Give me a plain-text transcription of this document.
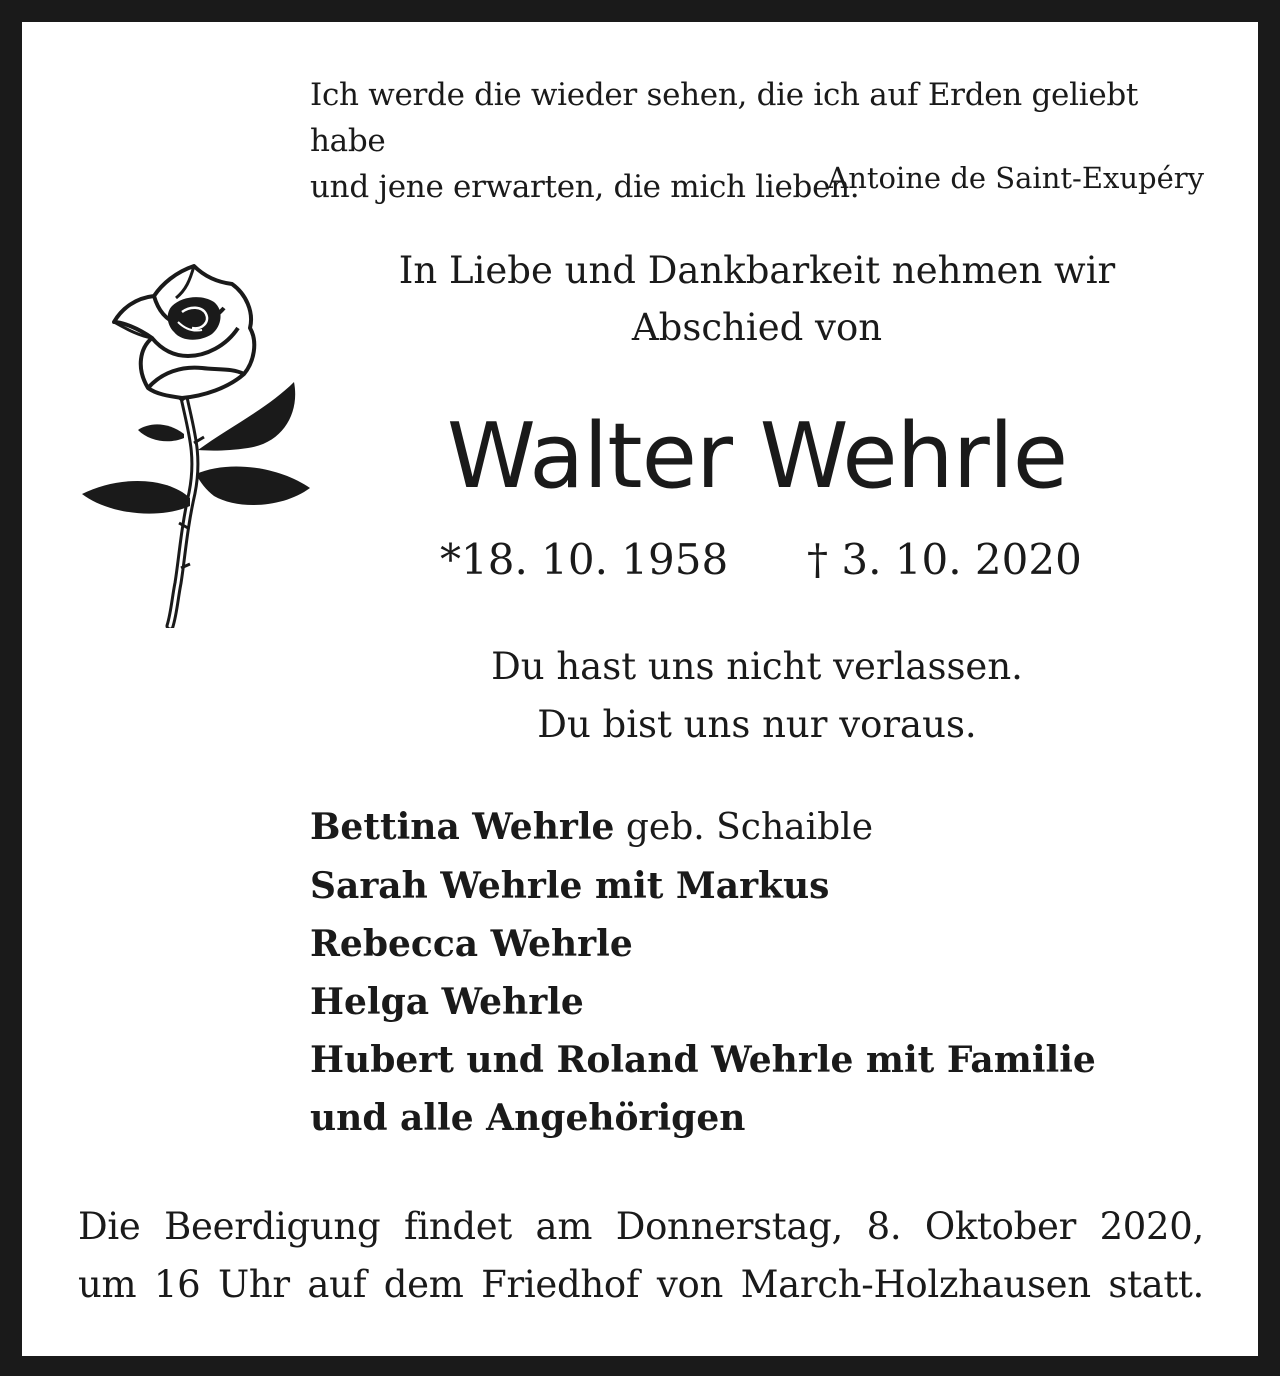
Ich werde die wieder sehen, die ich auf Erden geliebt habe
und jene erwarten, die mich lieben.
Antoine de Saint-Exupéry
In Liebe und Dankbarkeit nehmen wir
Abschied von
Walter Wehrle
*18. 10. 1958 † 3. 10. 2020
Du hast uns nicht verlassen.
Du bist uns nur voraus.
Bettina Wehrle geb. Schaible
Sarah Wehrle mit Markus
Rebecca Wehrle
Helga Wehrle
Hubert und Roland Wehrle mit Familie
und alle Angehörigen
Die Beerdigung findet am Donnerstag, 8. Oktober 2020,
um 16 Uhr auf dem Friedhof von March-Holzhausen statt.
